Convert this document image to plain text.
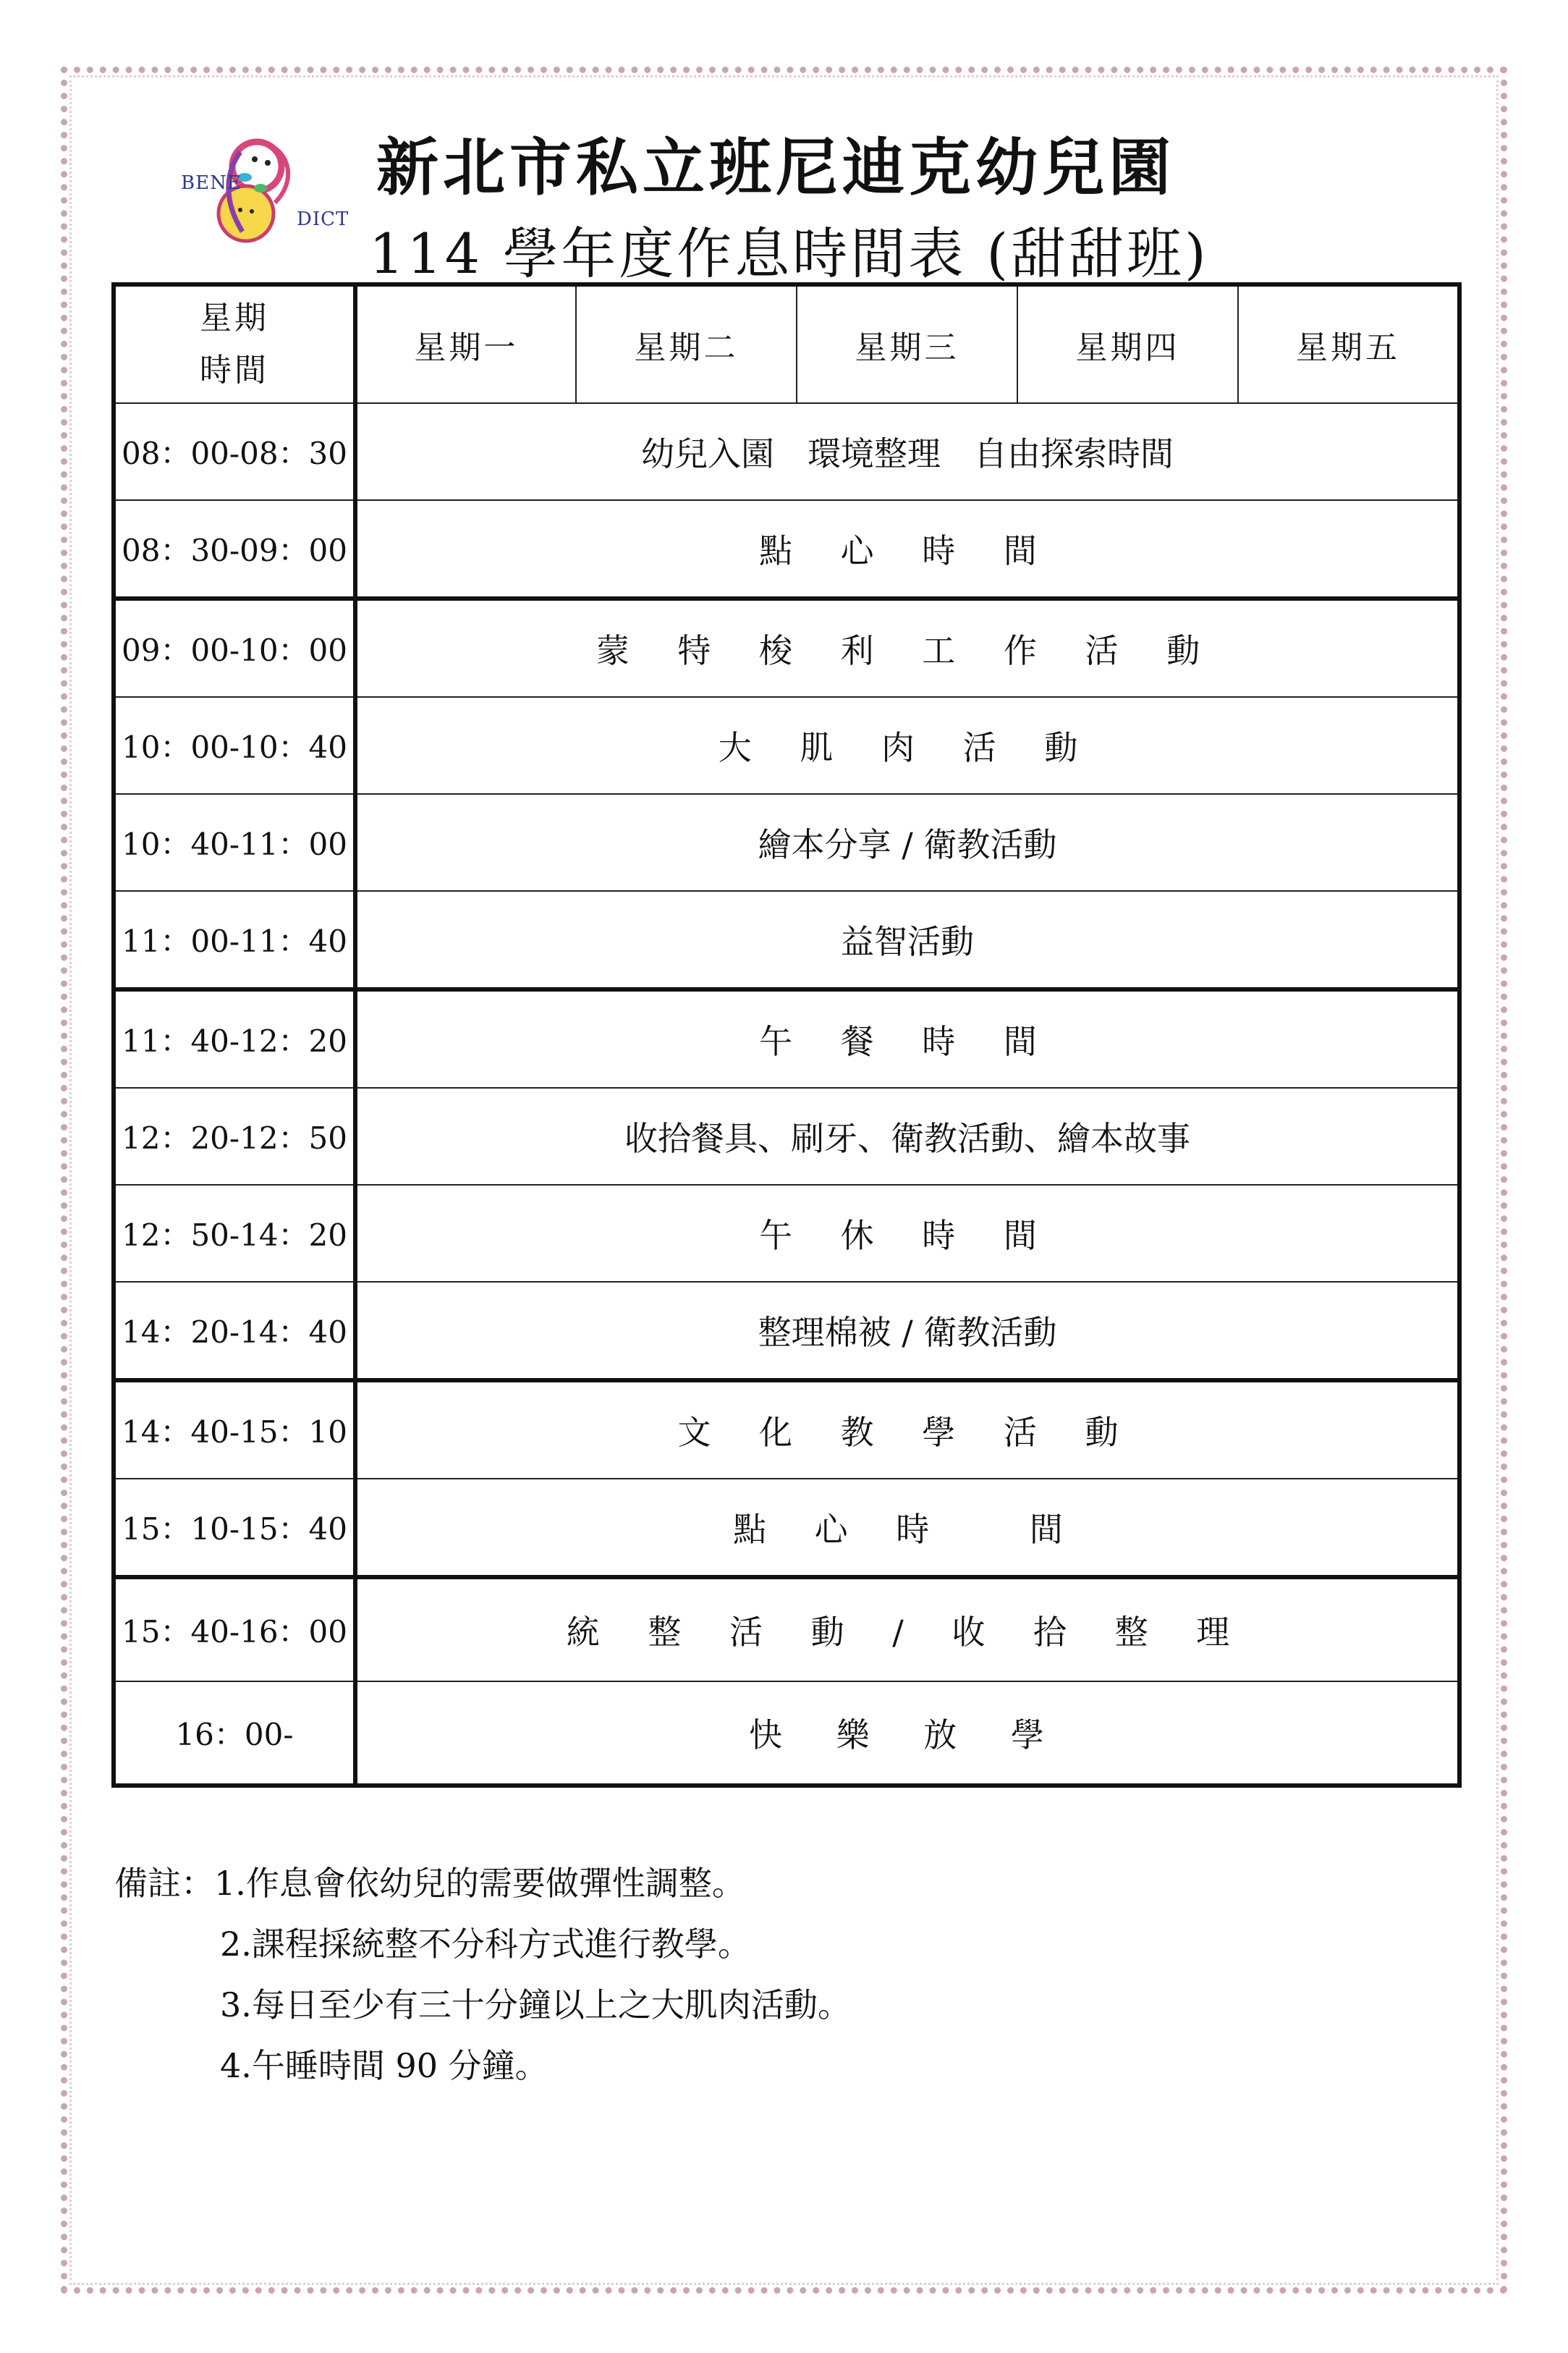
BENE
DICT
新北市私立班尼迪克幼兒園
114 學年度作息時間表 (甜甜班)
星期
時間	星期一	星期二	星期三	星期四	星期五
08：00-08：30	幼兒入園　環境整理　自由探索時間				
08：30-09：00	點 心 時 間				
09：00-10：00	蒙 特 梭 利 工 作 活 動				
10：00-10：40	大 肌 肉 活 動				
10：40-11：00	繪本分享 / 衛教活動				
11：00-11：40	益智活動				
11：40-12：20	午 餐 時 間				
12：20-12：50	收拾餐具、刷牙、衛教活動、繪本故事				
12：50-14：20	午 休 時 間				
14：20-14：40	整理棉被 / 衛教活動				
14：40-15：10	文 化 教 學 活 動				
15：10-15：40	點 心 時 　間				
15：40-16：00	統 整 活 動 / 收 拾 整 理				
16：00-	快 樂 放 學				
備註：1.作息會依幼兒的需要做彈性調整。
2.課程採統整不分科方式進行教學。
3.每日至少有三十分鐘以上之大肌肉活動。
4.午睡時間 90 分鐘。
